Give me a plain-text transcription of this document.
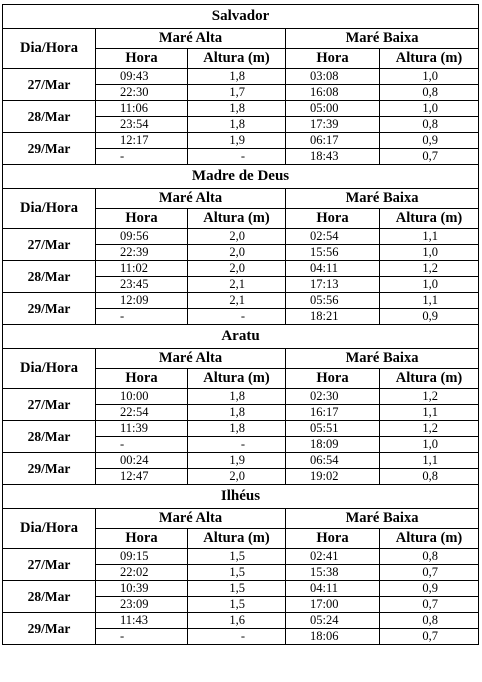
Salvador				
Dia/Hora	Maré Alta		Maré Baixa	
	Hora	Altura (m)	Hora	Altura (m)
27/Mar	09:43	1,8	03:08	1,0
	22:30	1,7	16:08	0,8
28/Mar	11:06	1,8	05:00	1,0
	23:54	1,8	17:39	0,8
29/Mar	12:17	1,9	06:17	0,9
	-	-	18:43	0,7
Madre de Deus				
Dia/Hora	Maré Alta		Maré Baixa	
	Hora	Altura (m)	Hora	Altura (m)
27/Mar	09:56	2,0	02:54	1,1
	22:39	2,0	15:56	1,0
28/Mar	11:02	2,0	04:11	1,2
	23:45	2,1	17:13	1,0
29/Mar	12:09	2,1	05:56	1,1
	-	-	18:21	0,9
Aratu				
Dia/Hora	Maré Alta		Maré Baixa	
	Hora	Altura (m)	Hora	Altura (m)
27/Mar	10:00	1,8	02:30	1,2
	22:54	1,8	16:17	1,1
28/Mar	11:39	1,8	05:51	1,2
	-	-	18:09	1,0
29/Mar	00:24	1,9	06:54	1,1
	12:47	2,0	19:02	0,8
Ilhéus				
Dia/Hora	Maré Alta		Maré Baixa	
	Hora	Altura (m)	Hora	Altura (m)
27/Mar	09:15	1,5	02:41	0,8
	22:02	1,5	15:38	0,7
28/Mar	10:39	1,5	04:11	0,9
	23:09	1,5	17:00	0,7
29/Mar	11:43	1,6	05:24	0,8
	-	-	18:06	0,7
